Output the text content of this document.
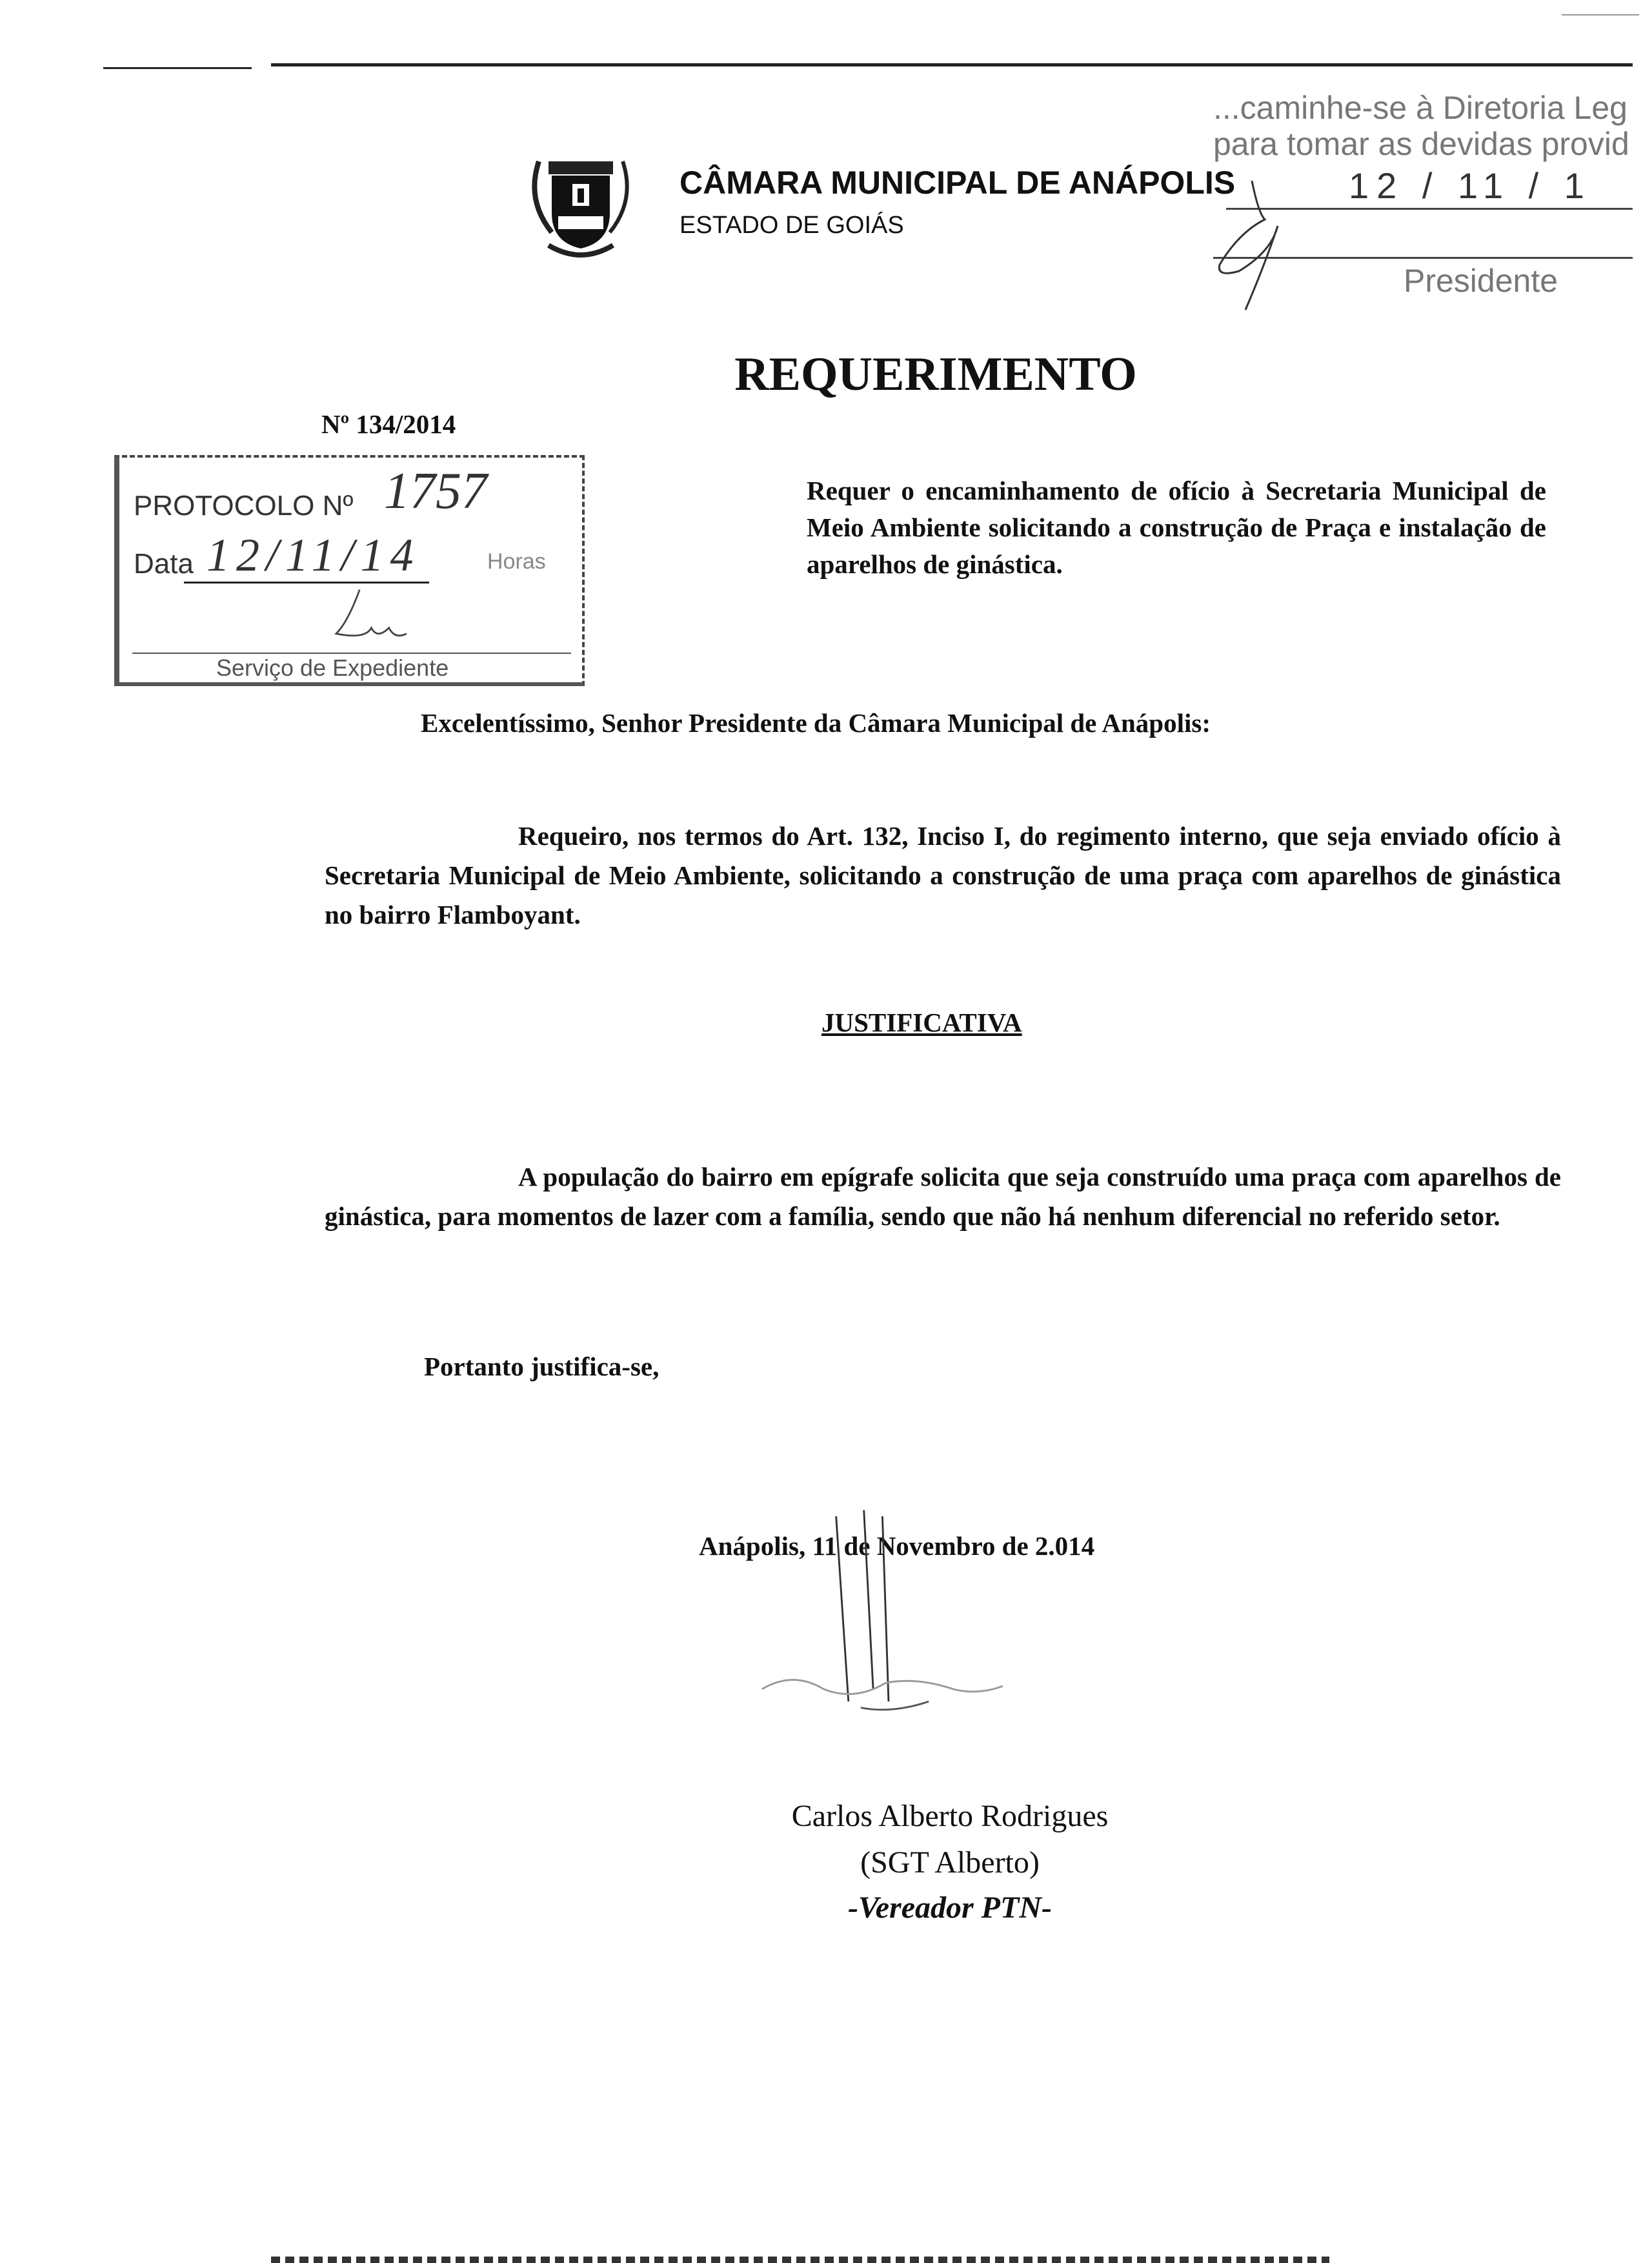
...caminhe-se à Diretoria Leg
para tomar as devidas provid
12 / 11 / 1
Presidente
CÂMARA MUNICIPAL DE ANÁPOLIS
ESTADO DE GOIÁS
REQUERIMENTO
Nº 134/2014
PROTOCOLO Nº 1757
Data 12/11/14	Horas
Serviço de Expediente
Requer o encaminhamento de ofício à Secretaria Municipal de Meio Ambiente solicitando a construção de Praça e instalação de aparelhos de ginástica.
Excelentíssimo, Senhor Presidente da Câmara Municipal de Anápolis:
Requeiro, nos termos do Art. 132, Inciso I, do regimento interno, que seja enviado ofício à Secretaria Municipal de Meio Ambiente, solicitando a construção de uma praça com aparelhos de ginástica no bairro Flamboyant.
JUSTIFICATIVA
A população do bairro em epígrafe solicita que seja construído uma praça com aparelhos de ginástica, para momentos de lazer com a família, sendo que não há nenhum diferencial no referido setor.
Portanto justifica-se,
Anápolis, 11 de Novembro de 2.014
Carlos Alberto Rodrigues
(SGT Alberto)
-Vereador PTN-
